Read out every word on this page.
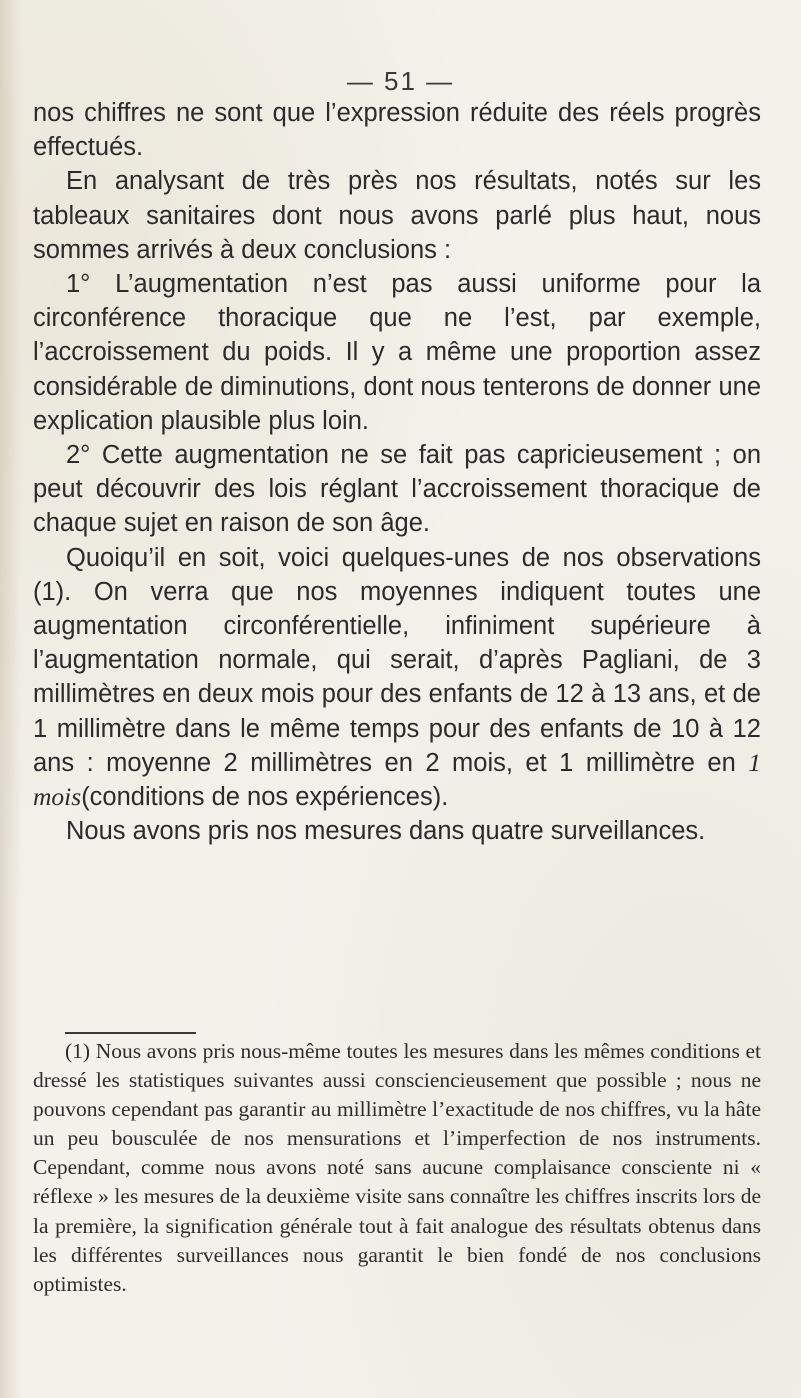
— 51 —

nos chiffres ne sont que l’expression réduite des réels progrès effectués.

En analysant de très près nos résultats, notés sur les tableaux sanitaires dont nous avons parlé plus haut, nous sommes arrivés à deux conclusions :

1° L’augmentation n’est pas aussi uniforme pour la circonférence thoracique que ne l’est, par exemple, l’accroissement du poids. Il y a même une proportion assez considérable de diminutions, dont nous tenterons de donner une explication plausible plus loin.

2° Cette augmentation ne se fait pas capricieusement ; on peut découvrir des lois réglant l’accroissement thoracique de chaque sujet en raison de son âge.

Quoiqu’il en soit, voici quelques-unes de nos observations (1). On verra que nos moyennes indiquent toutes une augmentation circonférentielle, infiniment supérieure à l’augmentation normale, qui serait, d’après Pagliani, de 3 millimètres en deux mois pour des enfants de 12 à 13 ans, et de 1 millimètre dans le même temps pour des enfants de 10 à 12 ans : moyenne 2 millimètres en 2 mois, et 1 millimètre en 1 mois(conditions de nos expériences).

Nous avons pris nos mesures dans quatre surveillances.

(1) Nous avons pris nous-même toutes les mesures dans les mêmes conditions et dressé les statistiques suivantes aussi consciencieusement que possible ; nous ne pouvons cependant pas garantir au millimètre l’exactitude de nos chiffres, vu la hâte un peu bousculée de nos mensurations et l’imperfection de nos instruments. Cependant, comme nous avons noté sans aucune complaisance consciente ni « réflexe » les mesures de la deuxième visite sans connaître les chiffres inscrits lors de la première, la signification générale tout à fait analogue des résultats obtenus dans les différentes surveillances nous garantit le bien fondé de nos conclusions optimistes.
